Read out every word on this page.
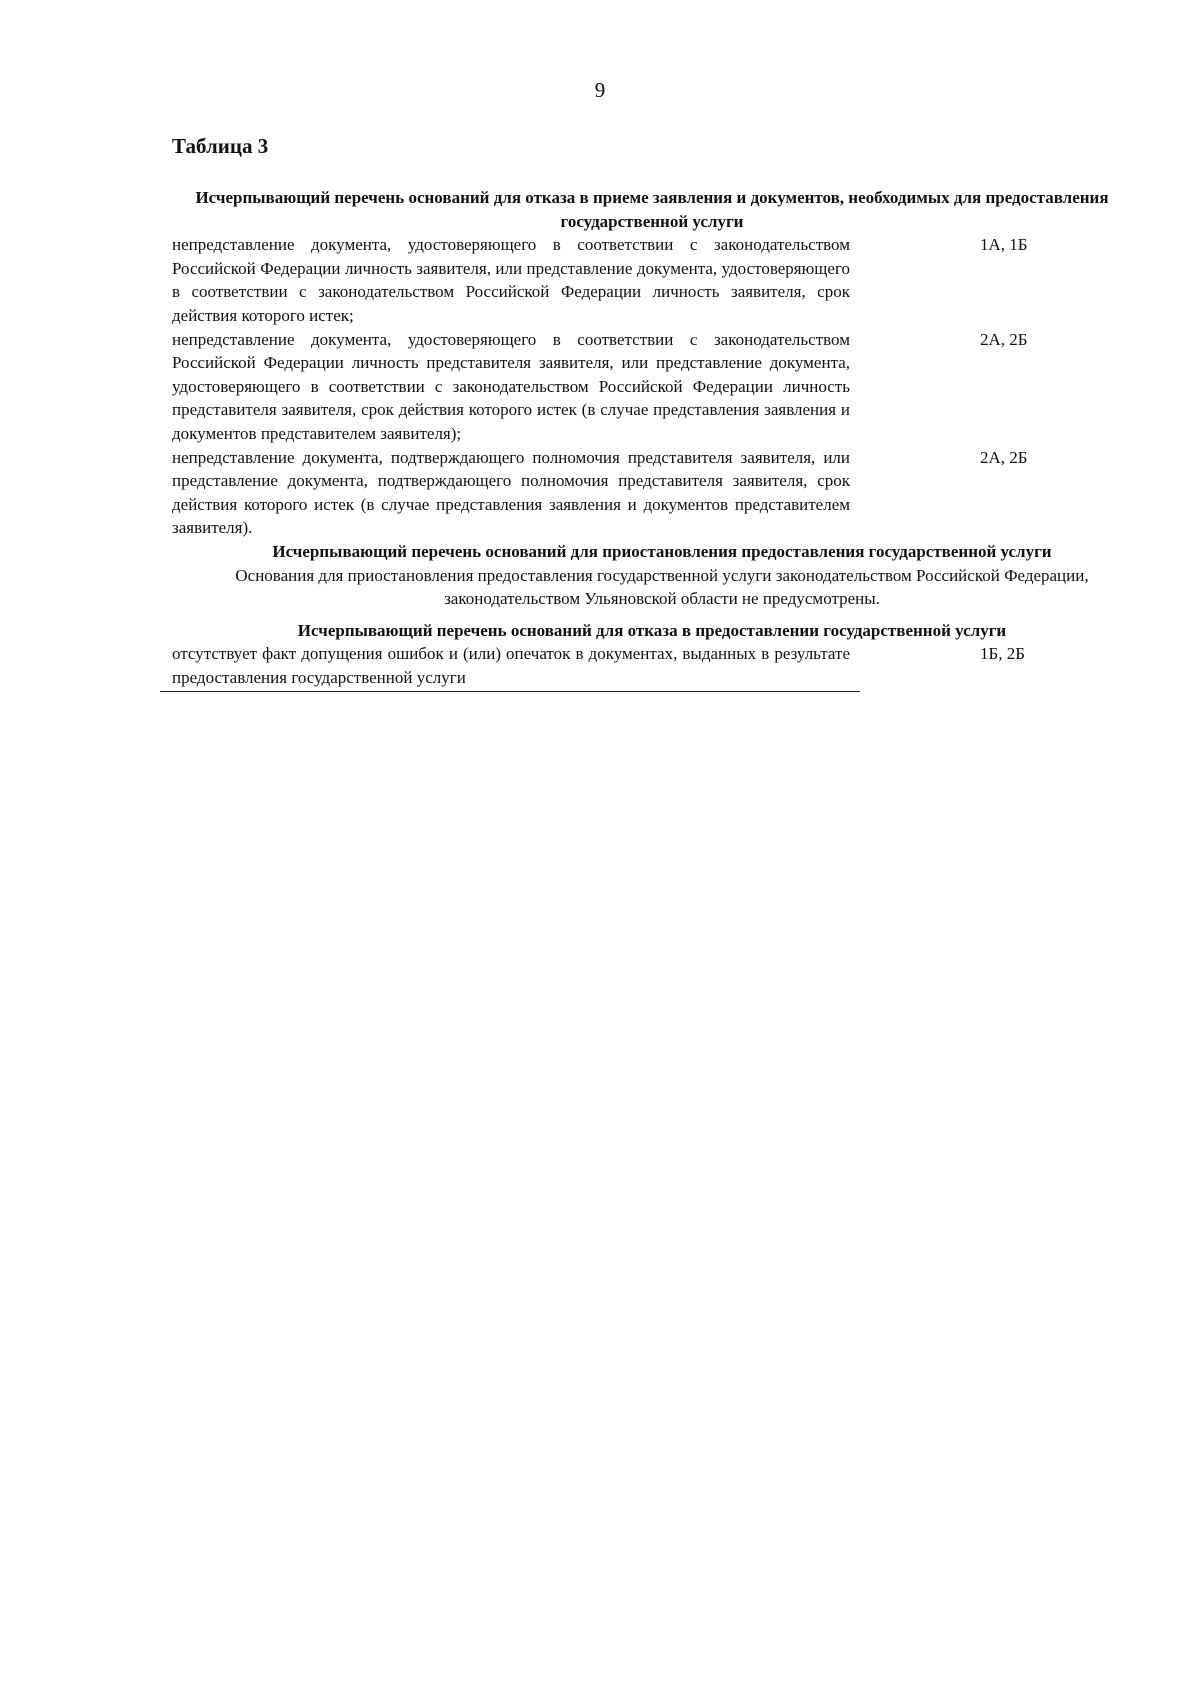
9
Таблица 3
Исчерпывающий перечень оснований для отказа в приеме заявления и документов, необходимых для предоставления государственной услуги
непредставление документа, удостоверяющего в соответствии с законодательством Российской Федерации личность заявителя, или представление документа, удостоверяющего в соответствии с законодательством Российской Федерации личность заявителя, срок действия которого истек;
1А, 1Б
непредставление документа, удостоверяющего в соответствии с законодательством Российской Федерации личность представителя заявителя, или представление документа, удостоверяющего в соответствии с законодательством Российской Федерации личность представителя заявителя, срок действия которого истек (в случае представления заявления и документов представителем заявителя);
2А, 2Б
непредставление документа, подтверждающего полномочия представителя заявителя, или представление документа, подтверждающего полномочия представителя заявителя, срок действия которого истек (в случае представления заявления и документов представителем заявителя).
2А, 2Б
Исчерпывающий перечень оснований для приостановления предоставления государственной услуги
Основания для приостановления предоставления государственной услуги законодательством Российской Федерации, законодательством Ульяновской области не предусмотрены.
Исчерпывающий перечень оснований для отказа в предоставлении государственной услуги
отсутствует факт допущения ошибок и (или) опечаток в документах, выданных в результате предоставления государственной услуги
1Б, 2Б
